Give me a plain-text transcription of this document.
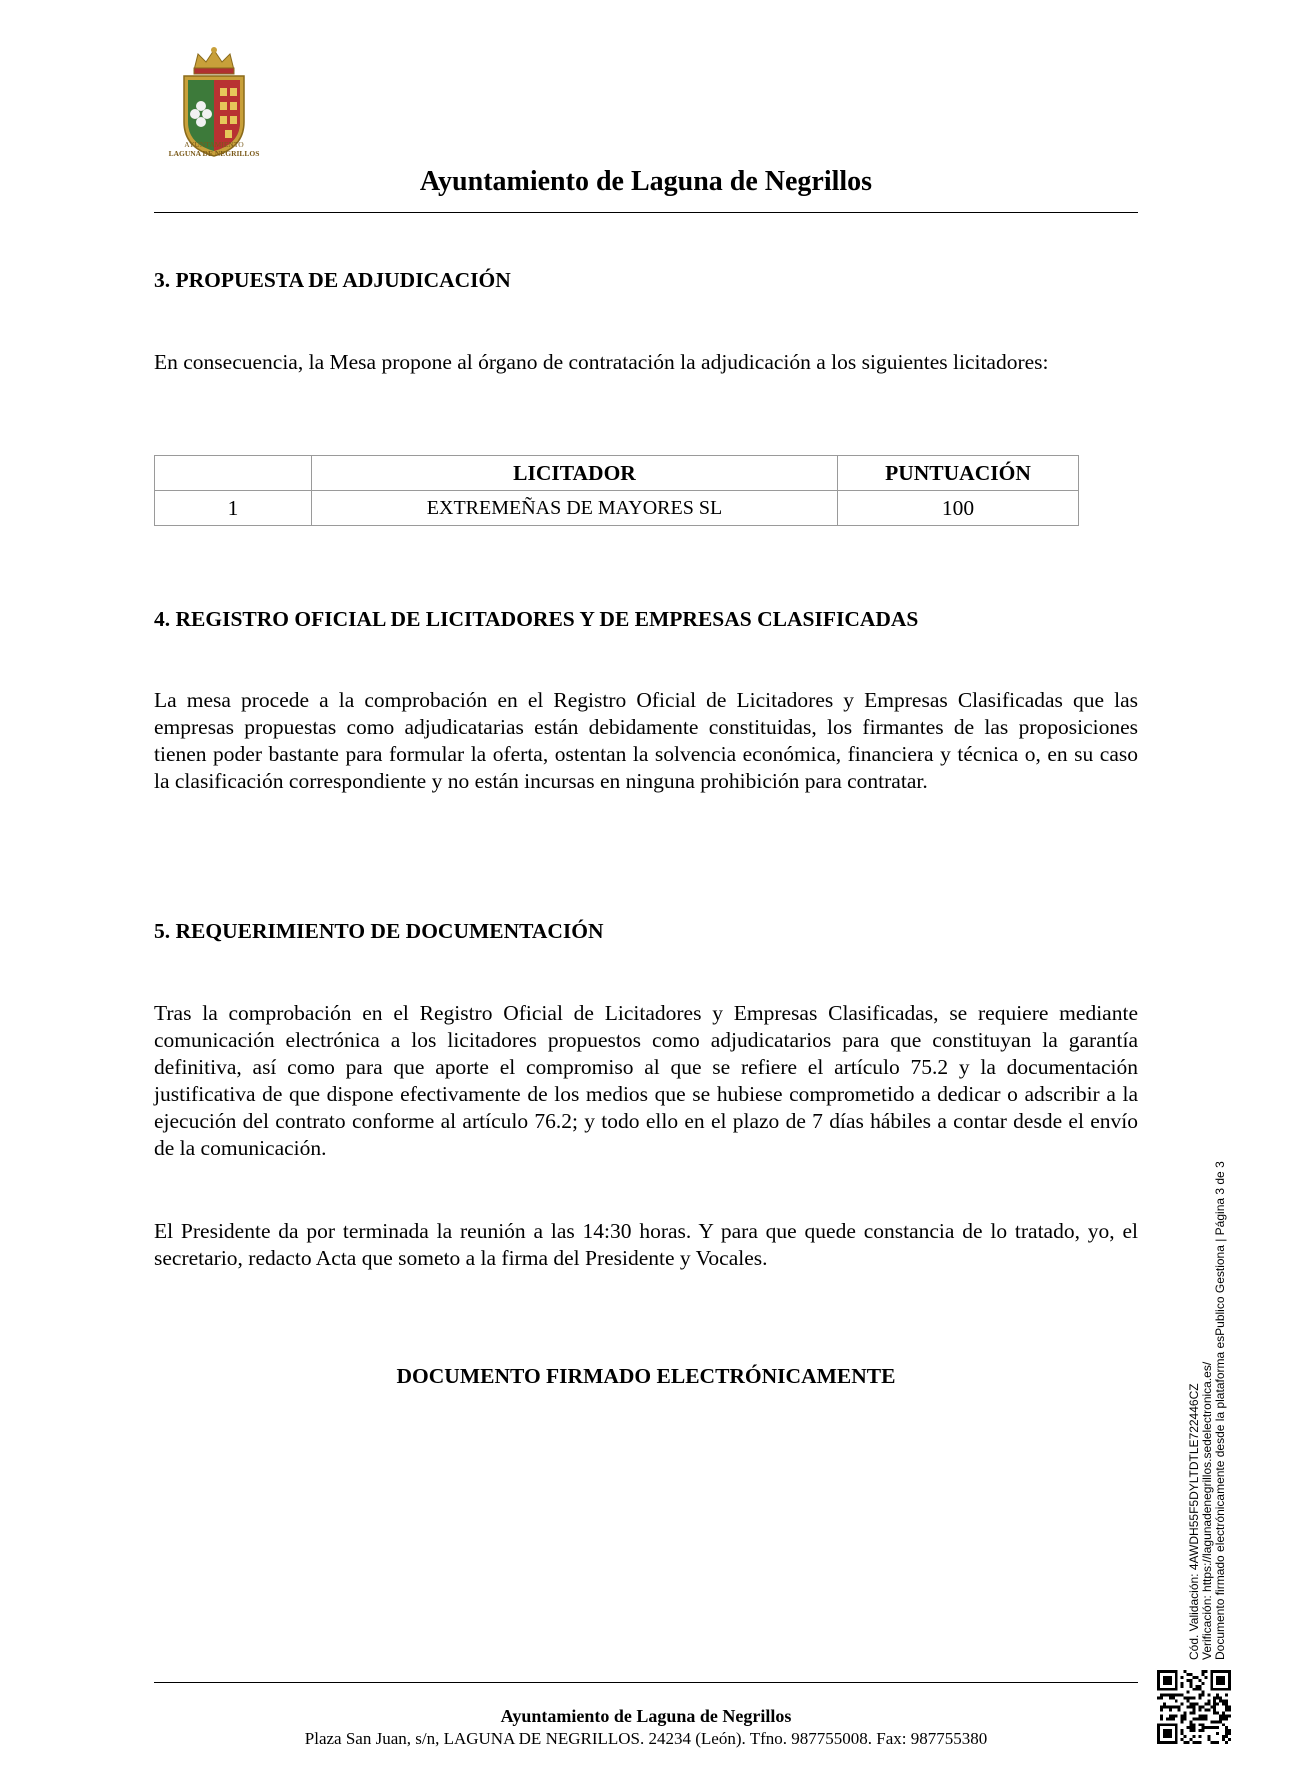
AYUNTAMIENTO
LAGUNA DE NEGRILLOS
Ayuntamiento de Laguna de Negrillos
3. PROPUESTA DE ADJUDICACIÓN
En consecuencia, la Mesa propone al órgano de contratación la adjudicación a los siguientes licitadores:
	LICITADOR	PUNTUACIÓN
1	EXTREMEÑAS DE MAYORES SL	100
4. REGISTRO OFICIAL DE LICITADORES Y DE EMPRESAS CLASIFICADAS
La mesa procede a la comprobación en el Registro Oficial de Licitadores y Empresas Clasificadas que las empresas propuestas como adjudicatarias están debidamente constituidas, los firmantes de las proposiciones tienen poder bastante para formular la oferta, ostentan la solvencia económica, financiera y técnica o, en su caso la clasificación correspondiente y no están incursas en ninguna prohibición para contratar.
5. REQUERIMIENTO DE DOCUMENTACIÓN
Tras la comprobación en el Registro Oficial de Licitadores y Empresas Clasificadas, se requiere mediante comunicación electrónica a los licitadores propuestos como adjudicatarios para que constituyan la garantía definitiva, así como para que aporte el compromiso al que se refiere el artículo 75.2 y la documentación justificativa de que dispone efectivamente de los medios que se hubiese comprometido a dedicar o adscribir a la ejecución del contrato conforme al artículo 76.2; y todo ello en el plazo de 7 días hábiles a contar desde el envío de la comunicación.
El Presidente da por terminada la reunión a las 14:30 horas. Y para que quede constancia de lo tratado, yo, el secretario, redacto Acta que someto a la firma del Presidente y Vocales.
DOCUMENTO FIRMADO ELECTRÓNICAMENTE
Ayuntamiento de Laguna de Negrillos
Plaza San Juan, s/n, LAGUNA DE NEGRILLOS. 24234 (León). Tfno. 987755008. Fax: 987755380
Cód. Validación: 4AWDH55F5DYLTDTLE722446CZ Verificación: https://lagunadenegrillos.sedelectronica.es/ Documento firmado electrónicamente desde la plataforma esPublico Gestiona | Página 3 de 3
